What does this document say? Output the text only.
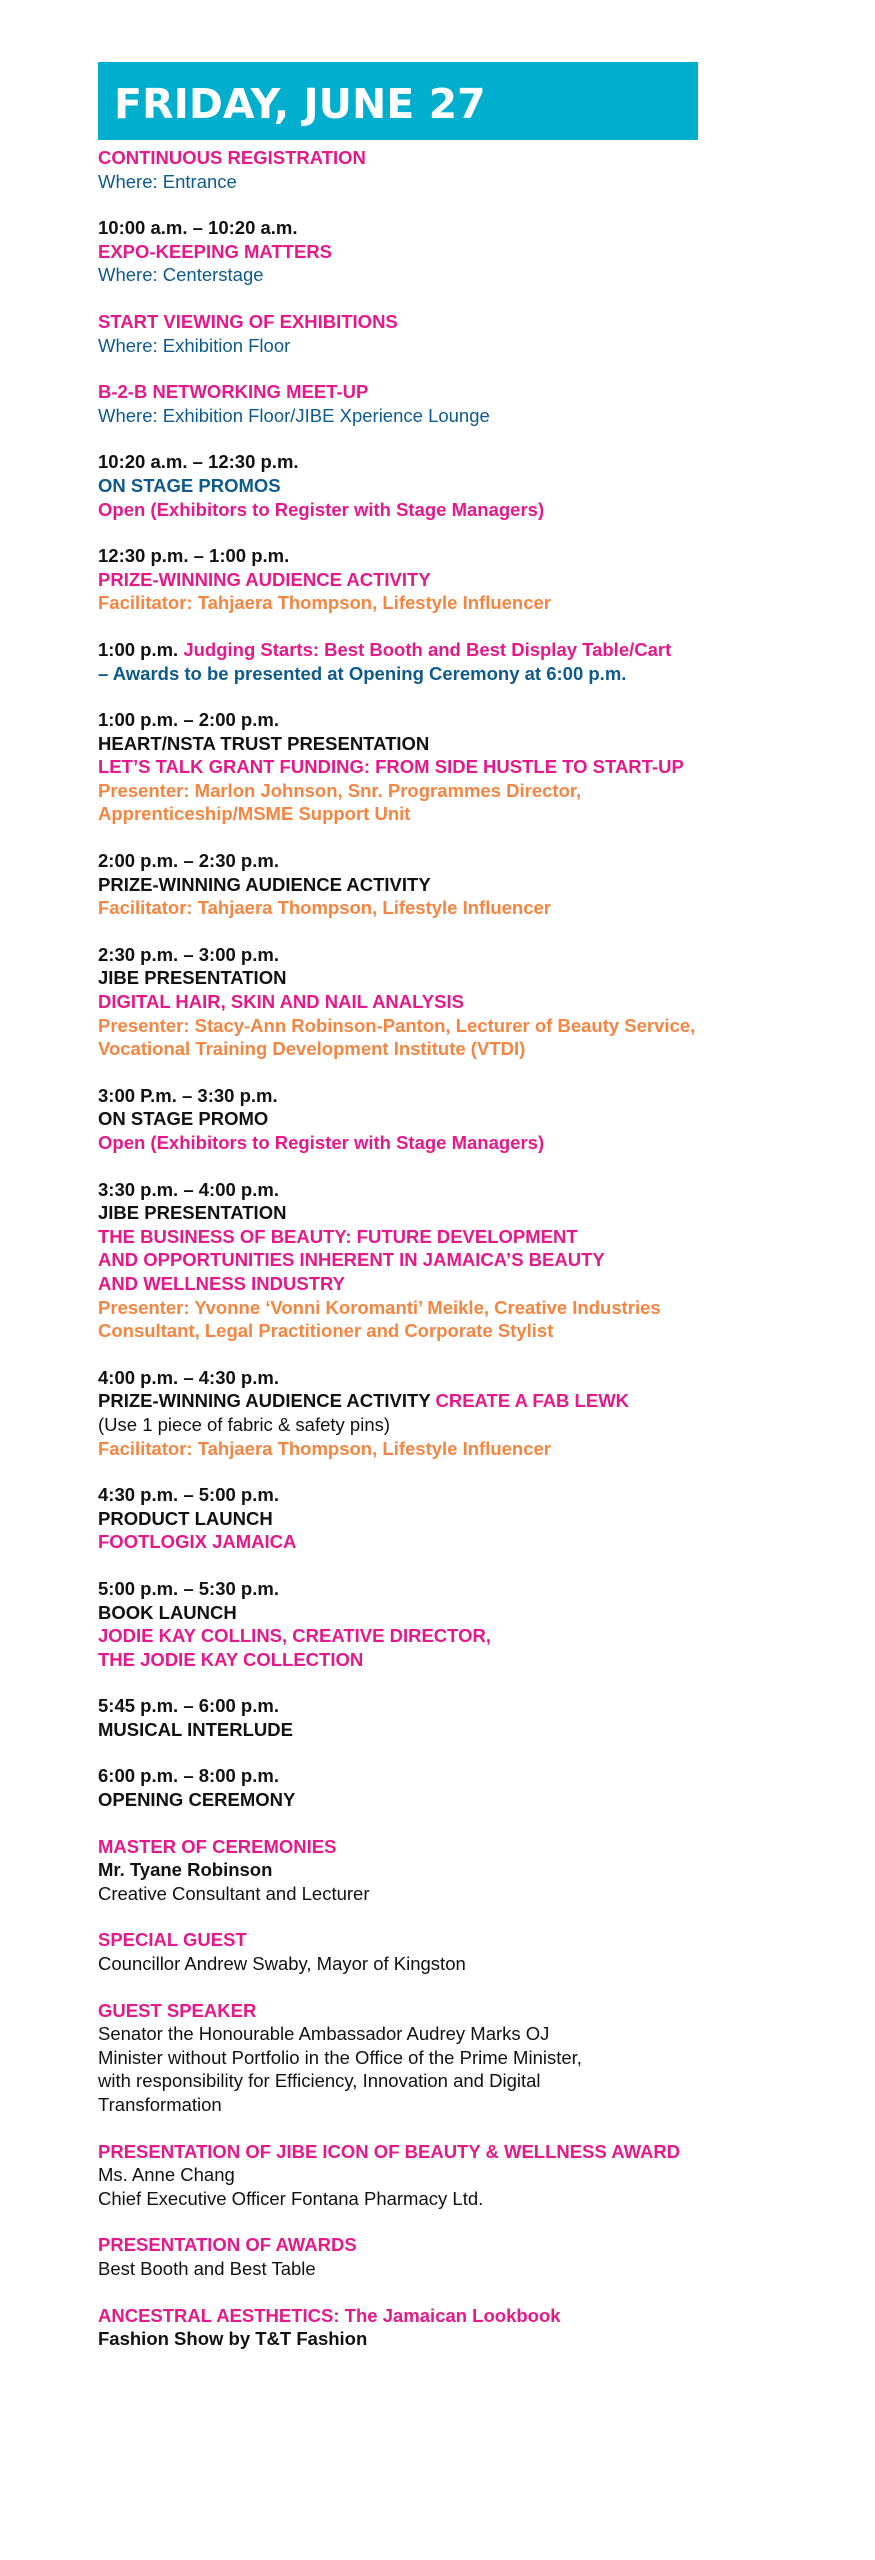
FRIDAY, JUNE 27
CONTINUOUS REGISTRATION
Where: Entrance
10:00 a.m. – 10:20 a.m.
EXPO-KEEPING MATTERS
Where: Centerstage
START VIEWING OF EXHIBITIONS
Where: Exhibition Floor
B-2-B NETWORKING MEET-UP
Where: Exhibition Floor/JIBE Xperience Lounge
10:20 a.m. – 12:30 p.m.
ON STAGE PROMOS
Open (Exhibitors to Register with Stage Managers)
12:30 p.m. – 1:00 p.m.
PRIZE-WINNING AUDIENCE ACTIVITY
Facilitator: Tahjaera Thompson, Lifestyle Influencer
1:00 p.m. Judging Starts: Best Booth and Best Display Table/Cart
– Awards to be presented at Opening Ceremony at 6:00 p.m.
1:00 p.m. – 2:00 p.m.
HEART/NSTA TRUST PRESENTATION
LET’S TALK GRANT FUNDING: FROM SIDE HUSTLE TO START-UP
Presenter: Marlon Johnson, Snr. Programmes Director,
Apprenticeship/MSME Support Unit
2:00 p.m. – 2:30 p.m.
PRIZE-WINNING AUDIENCE ACTIVITY
Facilitator: Tahjaera Thompson, Lifestyle Influencer
2:30 p.m. – 3:00 p.m.
JIBE PRESENTATION
DIGITAL HAIR, SKIN AND NAIL ANALYSIS
Presenter: Stacy-Ann Robinson-Panton, Lecturer of Beauty Service,
Vocational Training Development Institute (VTDI)
3:00 P.m. – 3:30 p.m.
ON STAGE PROMO
Open (Exhibitors to Register with Stage Managers)
3:30 p.m. – 4:00 p.m.
JIBE PRESENTATION
THE BUSINESS OF BEAUTY: FUTURE DEVELOPMENT
AND OPPORTUNITIES INHERENT IN JAMAICA’S BEAUTY
AND WELLNESS INDUSTRY
Presenter: Yvonne ‘Vonni Koromanti’ Meikle, Creative Industries
Consultant, Legal Practitioner and Corporate Stylist
4:00 p.m. – 4:30 p.m.
PRIZE-WINNING AUDIENCE ACTIVITY CREATE A FAB LEWK
(Use 1 piece of fabric & safety pins)
Facilitator: Tahjaera Thompson, Lifestyle Influencer
4:30 p.m. – 5:00 p.m.
PRODUCT LAUNCH
FOOTLOGIX JAMAICA
5:00 p.m. – 5:30 p.m.
BOOK LAUNCH
JODIE KAY COLLINS, CREATIVE DIRECTOR,
THE JODIE KAY COLLECTION
5:45 p.m. – 6:00 p.m.
MUSICAL INTERLUDE
6:00 p.m. – 8:00 p.m.
OPENING CEREMONY
MASTER OF CEREMONIES
Mr. Tyane Robinson
Creative Consultant and Lecturer
SPECIAL GUEST
Councillor Andrew Swaby, Mayor of Kingston
GUEST SPEAKER
Senator the Honourable Ambassador Audrey Marks OJ
Minister without Portfolio in the Office of the Prime Minister,
with responsibility for Efficiency, Innovation and Digital
Transformation
PRESENTATION OF JIBE ICON OF BEAUTY & WELLNESS AWARD
Ms. Anne Chang
Chief Executive Officer Fontana Pharmacy Ltd.
PRESENTATION OF AWARDS
Best Booth and Best Table
ANCESTRAL AESTHETICS: The Jamaican Lookbook
Fashion Show by T&T Fashion
